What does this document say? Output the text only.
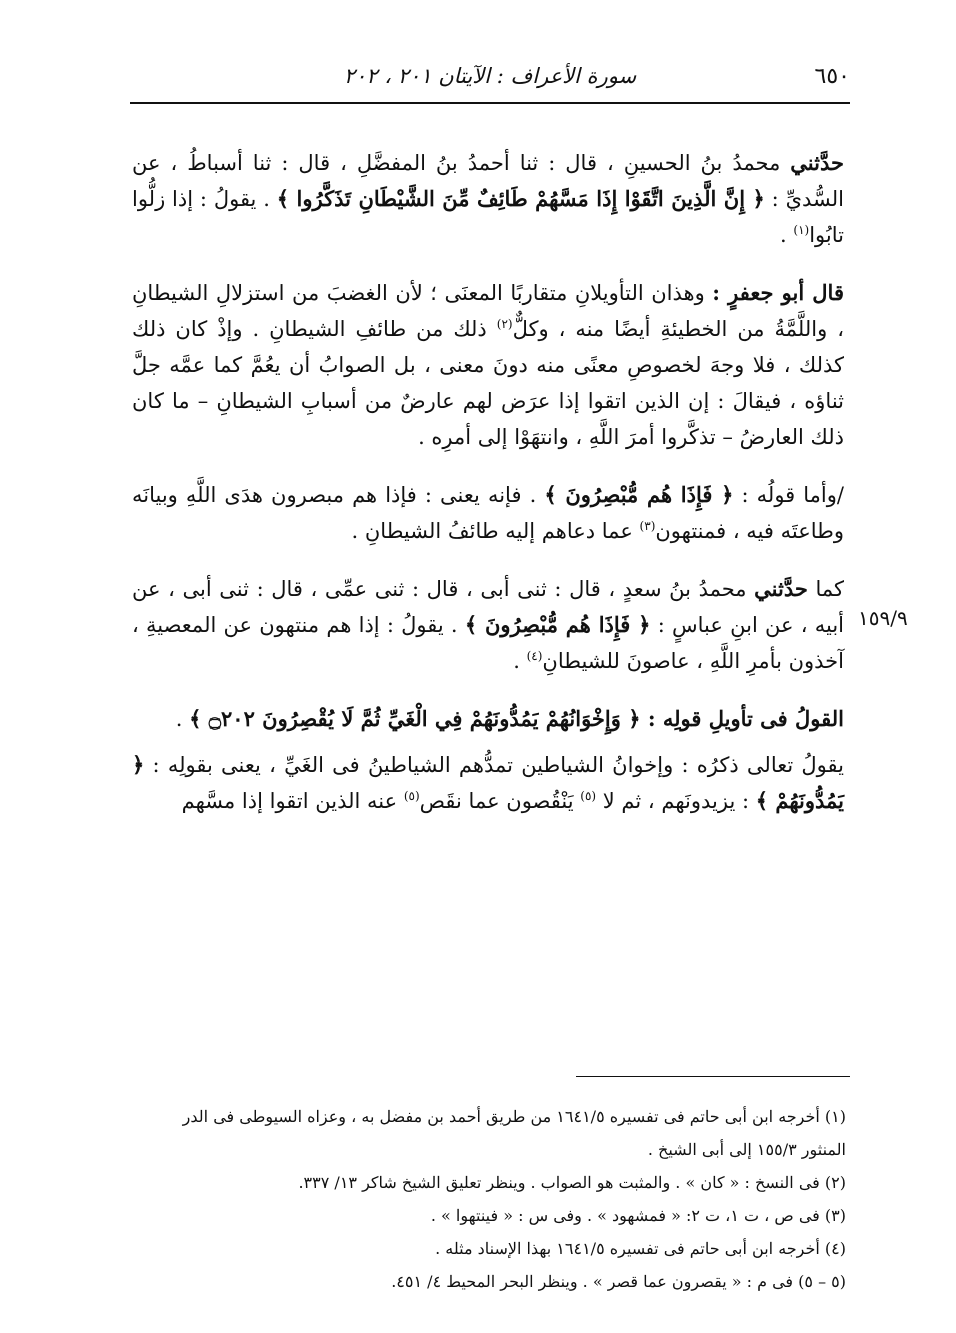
٦٥٠
سورة الأعراف : الآيتان ٢٠١ ، ٢٠٢
١٥٩/٩

حدَّثني محمدُ بنُ الحسينِ ، قال : ثنا أحمدُ بنُ المفضَّلِ ، قال : ثنا أسباطُ ، عن السُّديِّ : ﴿ إِنَّ الَّذِينَ اتَّقَوْا إِذَا مَسَّهُمْ طَائِفٌ مِّنَ الشَّيْطَانِ تَذَكَّرُوا ﴾ . يقولُ : إذا زلُّوا تابُوا$^{(١)}$ .

قال أبو جعفرٍ : وهذان التأويلانِ متقاربًا المعنَى ؛ لأن الغضبَ من استزلالِ الشيطانِ ، واللَّمَّةُ من الخطيئةِ أيضًا منه ، وكلٌّ$^{(٢)}$ ذلك من طائفِ الشيطانِ . وإذْ كان ذلك كذلك ، فلا وجهَ لخصوصِ معنًى منه دونَ معنى ، بل الصوابُ أن يعُمَّ كما عمَّه جلَّ ثناؤه ، فيقالَ : إن الذين اتقوا إذا عرَض لهم عارضٌ من أسبابِ الشيطانِ – ما كان ذلك العارضُ – تذكَّروا أمرَ اللَّهِ ، وانتهَوْا إلى أمرِه .

/وأما قولُه : ﴿ فَإِذَا هُم مُّبْصِرُونَ ﴾ . فإنه يعنى : فإذا هم مبصرون هدَى اللَّهِ وبيانَه وطاعتَه فيه ، فمنتهون$^{(٣)}$ عما دعاهم إليه طائفُ الشيطانِ .

كما حدَّثني محمدُ بنُ سعدٍ ، قال : ثنى أبى ، قال : ثنى عمِّى ، قال : ثنى أبى ، عن أبيه ، عن ابنِ عباسٍ : ﴿ فَإِذَا هُم مُّبْصِرُونَ ﴾ . يقولُ : إذا هم منتهون عن المعصيةِ ، آخذون بأمرِ اللَّهِ ، عاصونَ للشيطانِ$^{(٤)}$ .

القولُ فى تأويلِ قولِه : ﴿ وَإِخْوَانُهُمْ يَمُدُّونَهُمْ فِي الْغَيِّ ثُمَّ لَا يُقْصِرُونَ ۝٢٠٢ ﴾ .

يقولُ تعالى ذكرُه : وإخوانُ الشياطين تمدُّهم الشياطينُ فى الغَيِّ ، يعنى بقولِه : ﴿ يَمُدُّونَهُمْ ﴾ : يزيدونَهم ، ثم لا $^{(٥)}$ يَنْقُصون عما نقَص$^{(٥)}$ عنه الذين اتقوا إذا مسَّهم

(١) أخرجه ابن أبى حاتم فى تفسيره ١٦٤١/٥ من طريق أحمد بن مفضل به ، وعزاه السيوطى فى الدر المنثور ١٥٥/٣ إلى أبى الشيخ .

(٢) فى النسخ : « كان » . والمثبت هو الصواب . وينظر تعليق الشيخ شاكر ١٣/ ٣٣٧.

(٣) فى ص ، ت ١، ت ٢: « فمشهود » . وفى س : « فينتهوا » .

(٤) أخرجه ابن أبى حاتم فى تفسيره ١٦٤١/٥ بهذا الإسناد مثله .

(٥ – ٥) فى م : « يقصرون عما قصر » . وينظر البحر المحيط ٤/ ٤٥١.
